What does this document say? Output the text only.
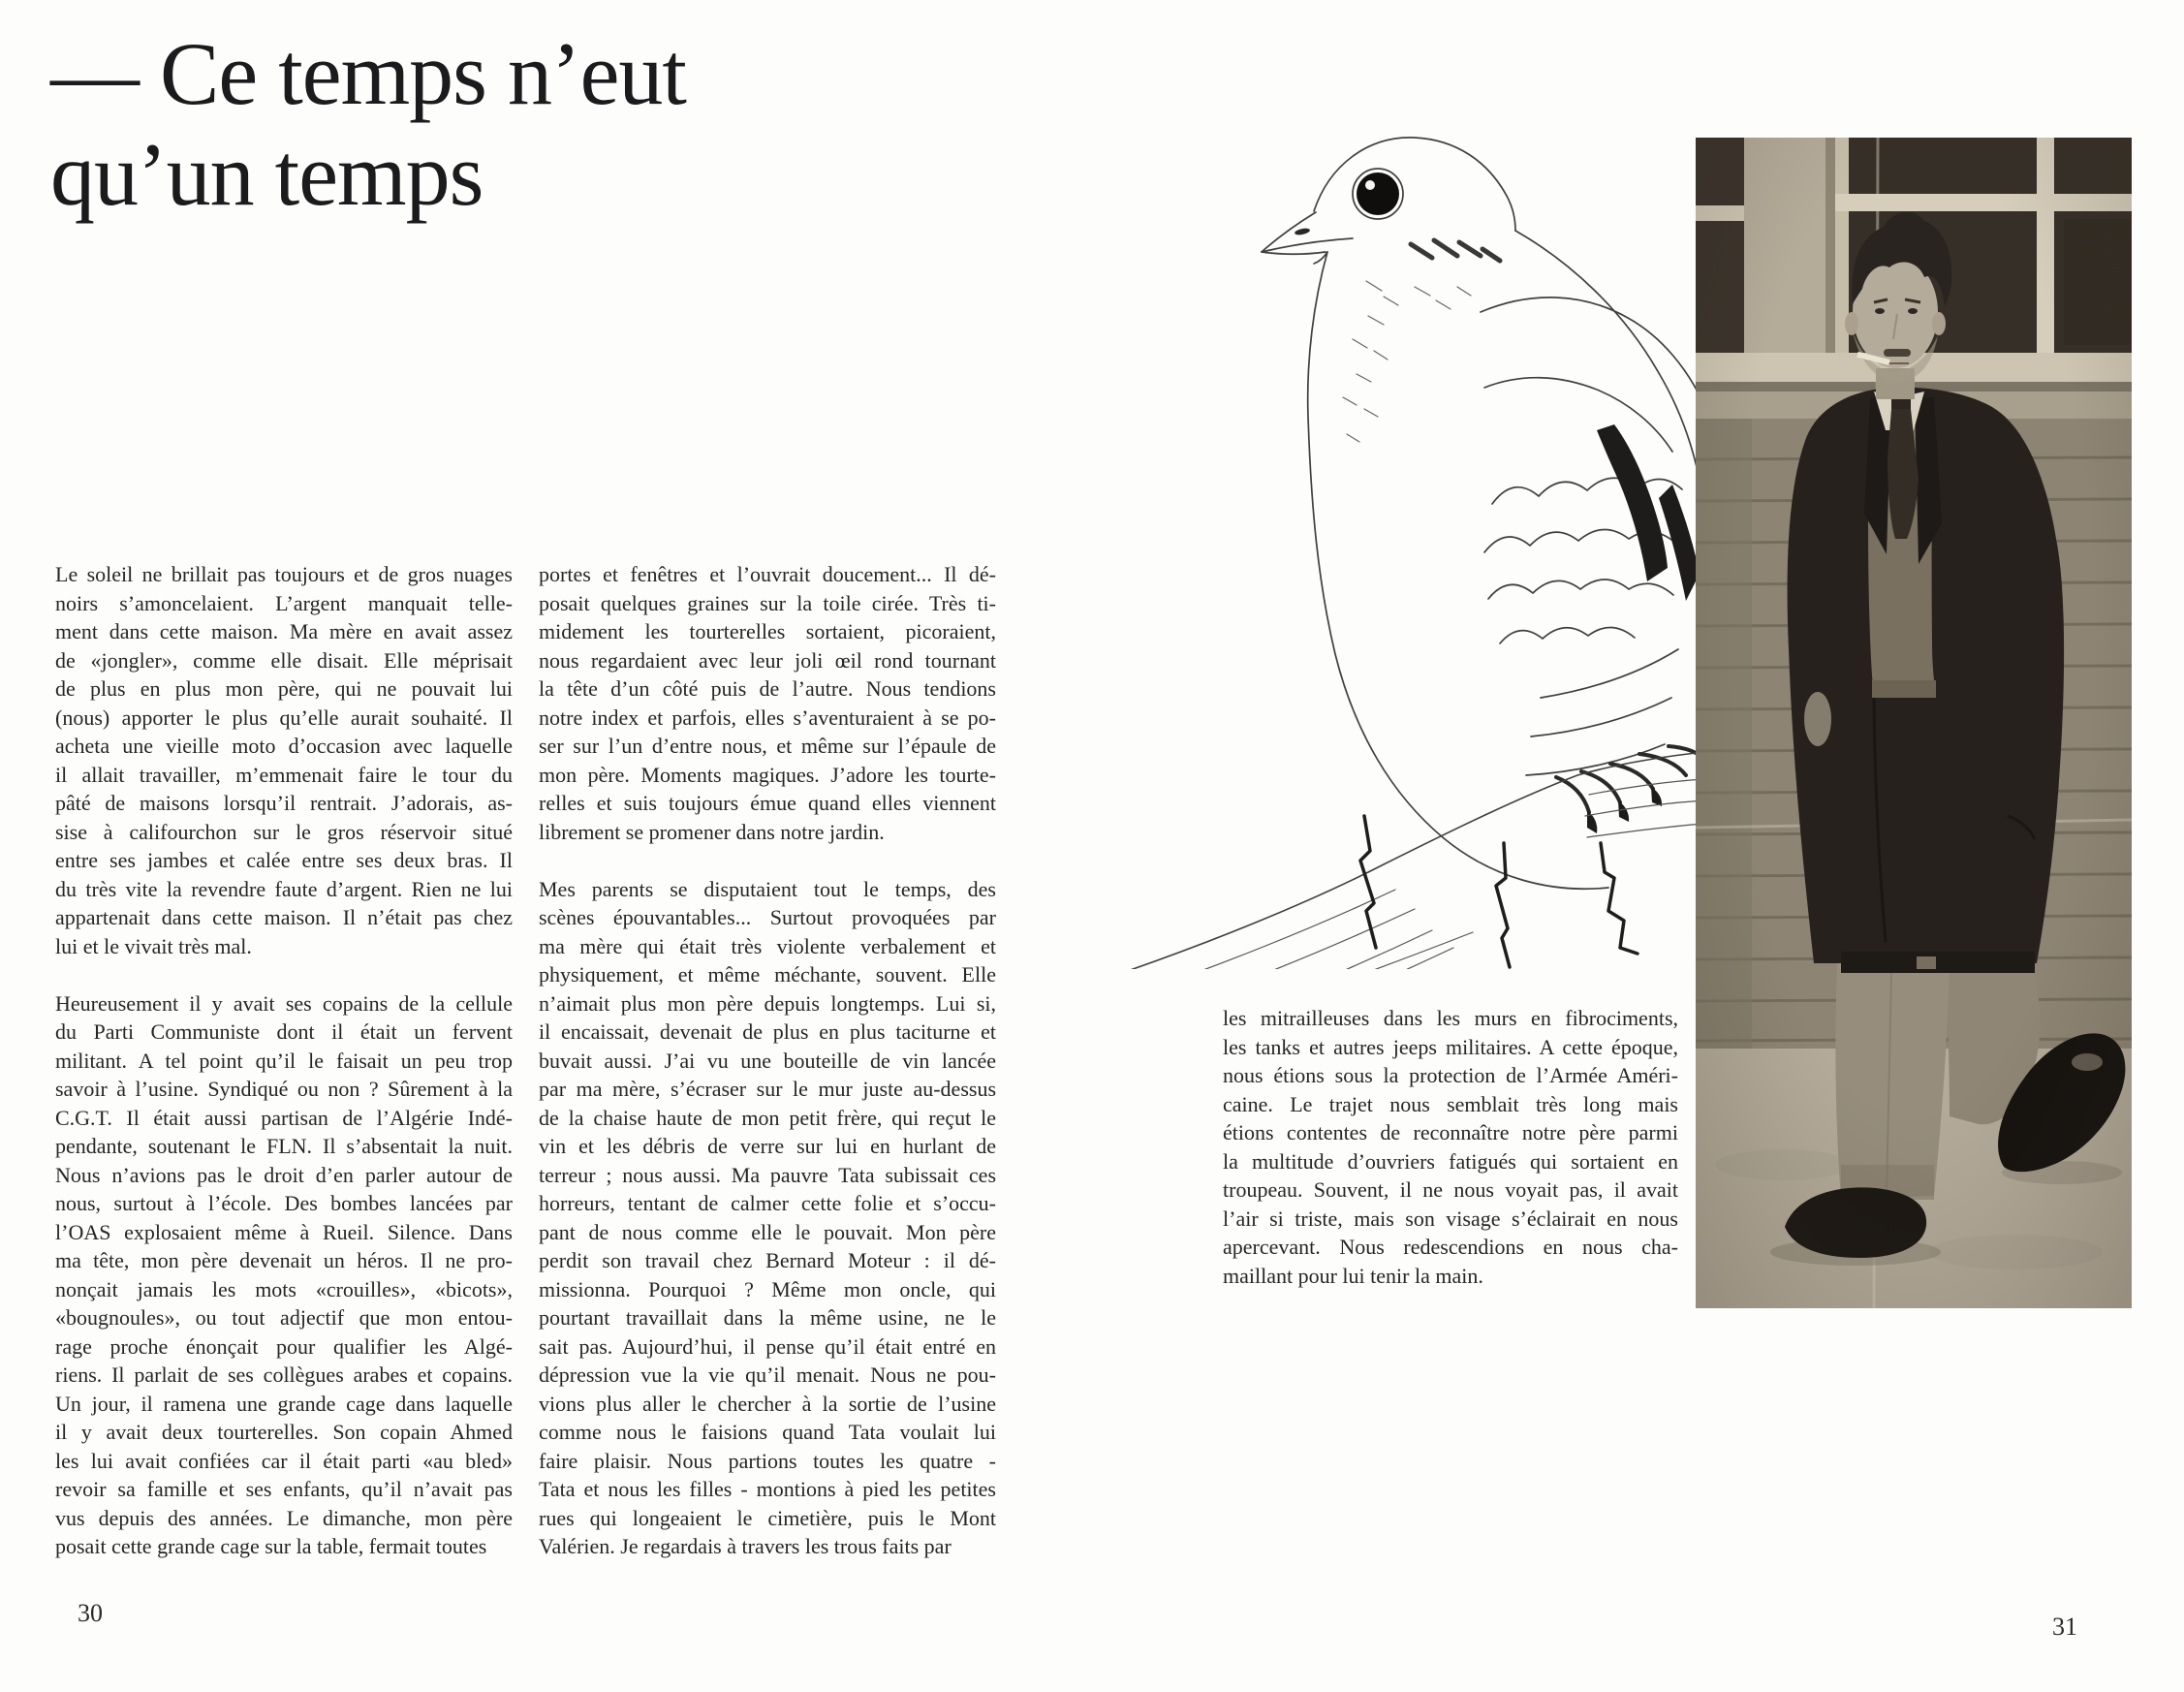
— Ce temps n’eut
qu’un temps
Le soleil ne brillait pas toujours et de gros nuages
noirs s’amoncelaient. L’argent manquait telle-
ment dans cette maison. Ma mère en avait assez
de «jongler», comme elle disait. Elle méprisait
de plus en plus mon père, qui ne pouvait lui
(nous) apporter le plus qu’elle aurait souhaité. Il
acheta une vieille moto d’occasion avec laquelle
il allait travailler, m’emmenait faire le tour du
pâté de maisons lorsqu’il rentrait. J’adorais, as-
sise à califourchon sur le gros réservoir situé
entre ses jambes et calée entre ses deux bras. Il
du très vite la revendre faute d’argent. Rien ne lui
appartenait dans cette maison. Il n’était pas chez
lui et le vivait très mal.
Heureusement il y avait ses copains de la cellule
du Parti Communiste dont il était un fervent
militant. A tel point qu’il le faisait un peu trop
savoir à l’usine. Syndiqué ou non ? Sûrement à la
C.G.T. Il était aussi partisan de l’Algérie Indé-
pendante, soutenant le FLN. Il s’absentait la nuit.
Nous n’avions pas le droit d’en parler autour de
nous, surtout à l’école. Des bombes lancées par
l’OAS explosaient même à Rueil. Silence. Dans
ma tête, mon père devenait un héros. Il ne pro-
nonçait jamais les mots «crouilles», «bicots»,
«bougnoules», ou tout adjectif que mon entou-
rage proche énonçait pour qualifier les Algé-
riens. Il parlait de ses collègues arabes et copains.
Un jour, il ramena une grande cage dans laquelle
il y avait deux tourterelles. Son copain Ahmed
les lui avait confiées car il était parti «au bled»
revoir sa famille et ses enfants, qu’il n’avait pas
vus depuis des années. Le dimanche, mon père
posait cette grande cage sur la table, fermait toutes
portes et fenêtres et l’ouvrait doucement... Il dé-
posait quelques graines sur la toile cirée. Très ti-
midement les tourterelles sortaient, picoraient,
nous regardaient avec leur joli œil rond tournant
la tête d’un côté puis de l’autre. Nous tendions
notre index et parfois, elles s’aventuraient à se po-
ser sur l’un d’entre nous, et même sur l’épaule de
mon père. Moments magiques. J’adore les tourte-
relles et suis toujours émue quand elles viennent
librement se promener dans notre jardin.
Mes parents se disputaient tout le temps, des
scènes épouvantables... Surtout provoquées par
ma mère qui était très violente verbalement et
physiquement, et même méchante, souvent. Elle
n’aimait plus mon père depuis longtemps. Lui si,
il encaissait, devenait de plus en plus taciturne et
buvait aussi. J’ai vu une bouteille de vin lancée
par ma mère, s’écraser sur le mur juste au-dessus
de la chaise haute de mon petit frère, qui reçut le
vin et les débris de verre sur lui en hurlant de
terreur ; nous aussi. Ma pauvre Tata subissait ces
horreurs, tentant de calmer cette folie et s’occu-
pant de nous comme elle le pouvait. Mon père
perdit son travail chez Bernard Moteur : il dé-
missionna. Pourquoi ? Même mon oncle, qui
pourtant travaillait dans la même usine, ne le
sait pas. Aujourd’hui, il pense qu’il était entré en
dépression vue la vie qu’il menait. Nous ne pou-
vions plus aller le chercher à la sortie de l’usine
comme nous le faisions quand Tata voulait lui
faire plaisir. Nous partions toutes les quatre -
Tata et nous les filles - montions à pied les petites
rues qui longeaient le cimetière, puis le Mont
Valérien. Je regardais à travers les trous faits par
30
les mitrailleuses dans les murs en fibrociments,
les tanks et autres jeeps militaires. A cette époque,
nous étions sous la protection de l’Armée Améri-
caine. Le trajet nous semblait très long mais
étions contentes de reconnaître notre père parmi
la multitude d’ouvriers fatigués qui sortaient en
troupeau. Souvent, il ne nous voyait pas, il avait
l’air si triste, mais son visage s’éclairait en nous
apercevant. Nous redescendions en nous cha-
maillant pour lui tenir la main.
31
